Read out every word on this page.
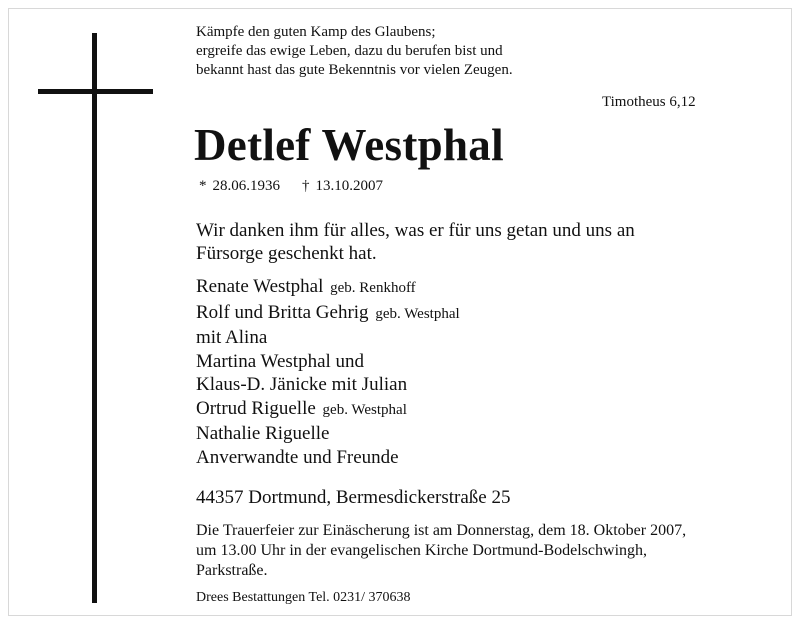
Kämpfe den guten Kamp des Glaubens;
ergreife das ewige Leben, dazu du berufen bist und
bekannt hast das gute Bekenntnis vor vielen Zeugen.
Timotheus 6,12
Detlef Westphal
* 28.06.1936 † 13.10.2007
Wir danken ihm für alles, was er für uns getan und uns an
Fürsorge geschenkt hat.
Renate Westphal geb. Renkhoff
Rolf und Britta Gehrig geb. Westphal
mit Alina
Martina Westphal und
Klaus-D. Jänicke mit Julian
Ortrud Riguelle geb. Westphal
Nathalie Riguelle
Anverwandte und Freunde
44357 Dortmund, Bermesdickerstraße 25
Die Trauerfeier zur Einäscherung ist am Donnerstag, dem 18. Oktober 2007,
um 13.00 Uhr in der evangelischen Kirche Dortmund-Bodelschwingh,
Parkstraße.
Drees Bestattungen Tel. 0231/ 370638
